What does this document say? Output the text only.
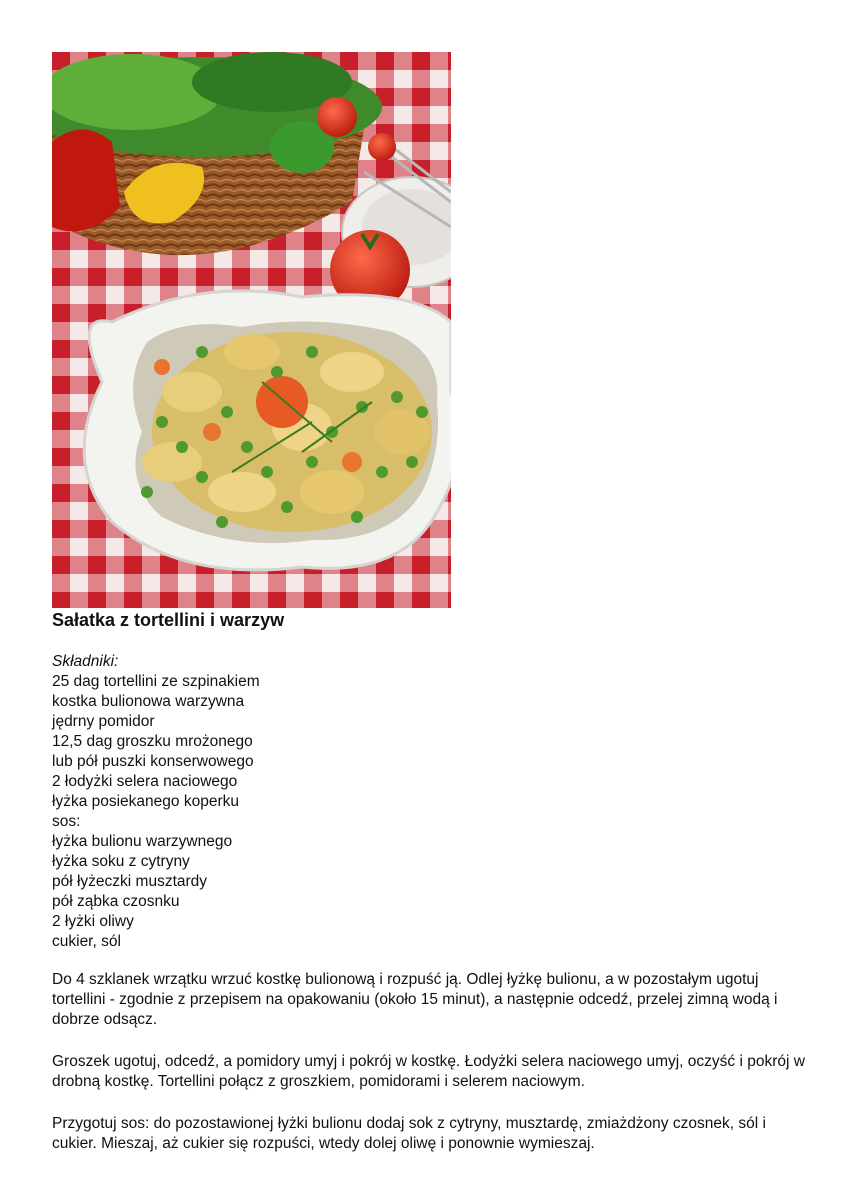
Sałatka z tortellini i warzyw
Składniki:
25 dag tortellini ze szpinakiem
kostka bulionowa warzywna
jędrny pomidor
12,5 dag groszku mrożonego
lub pół puszki konserwowego
2 łodyżki selera naciowego
łyżka posiekanego koperku
sos:
łyżka bulionu warzywnego
łyżka soku z cytryny
pół łyżeczki musztardy
pół ząbka czosnku
2 łyżki oliwy
cukier, sól

Do 4 szklanek wrzątku wrzuć kostkę bulionową i rozpuść ją. Odlej łyżkę bulionu, a w pozostałym ugotuj tortellini - zgodnie z przepisem na opakowaniu (około 15 minut), a następnie odcedź, przelej zimną wodą i dobrze odsącz.

Groszek ugotuj, odcedź, a pomidory umyj i pokrój w kostkę. Łodyżki selera naciowego umyj, oczyść i pokrój w drobną kostkę. Tortellini połącz z groszkiem, pomidorami i selerem naciowym.

Przygotuj sos: do pozostawionej łyżki bulionu dodaj sok z cytryny, musztardę, zmiażdżony czosnek, sól i cukier. Mieszaj, aż cukier się rozpuści, wtedy dolej oliwę i ponownie wymieszaj.
